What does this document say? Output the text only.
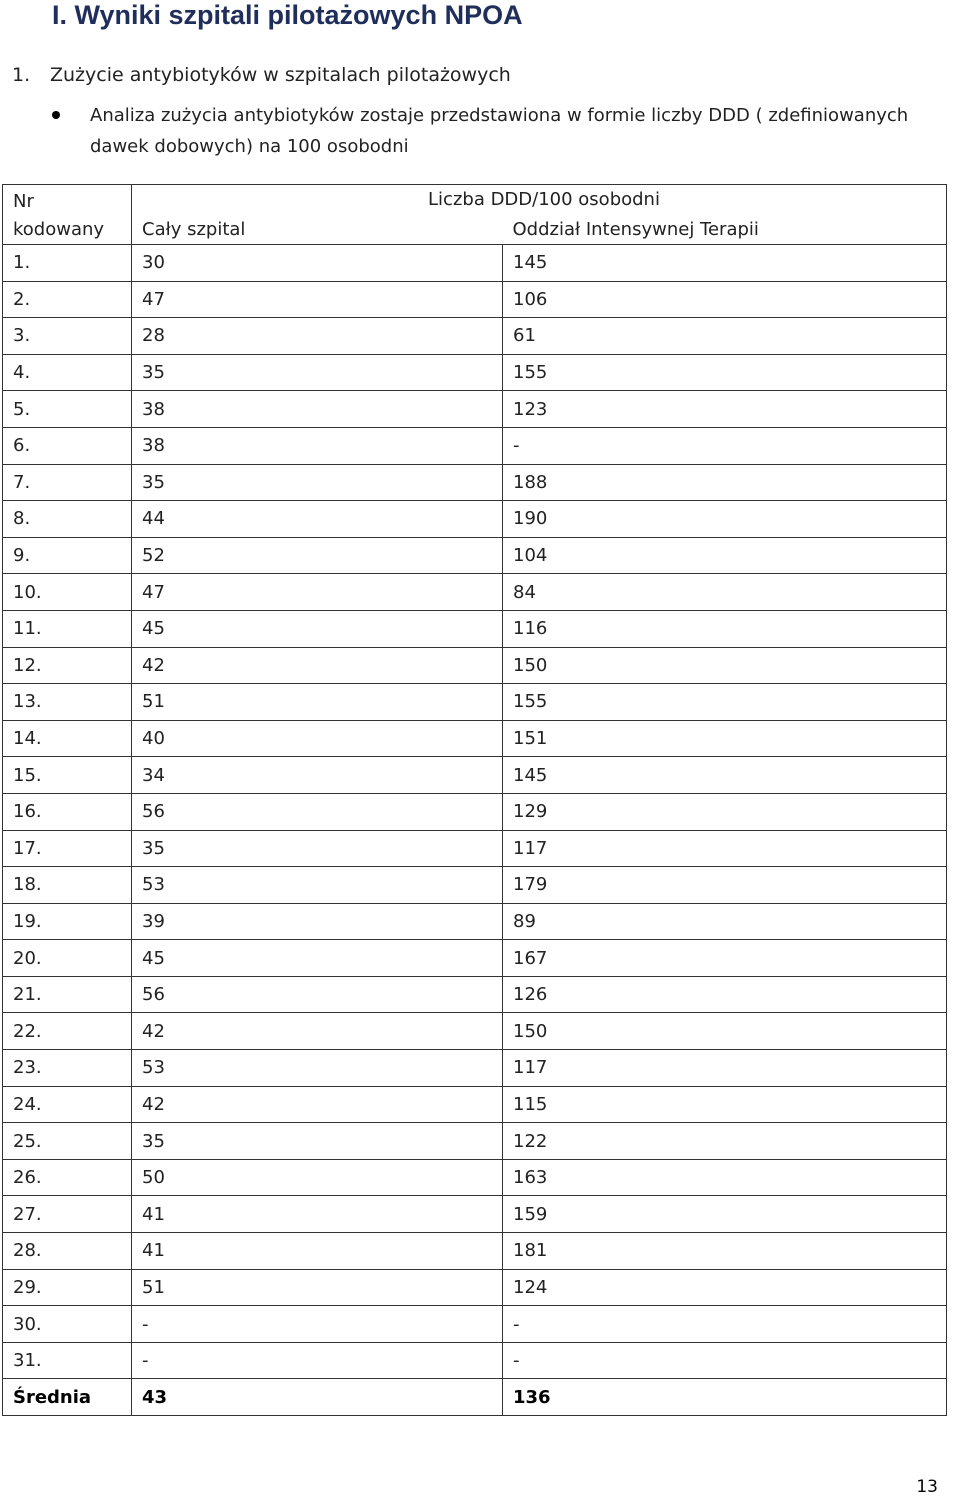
I. Wyniki szpitali pilotażowych NPOA
1. Zużycie antybiotyków w szpitalach pilotażowych
Analiza zużycia antybiotyków zostaje przedstawiona w formie liczby DDD ( zdefiniowanych dawek dobowych) na 100 osobodni
Nr
kodowany	Liczba DDD/100 osobodni	
	Cały szpital	Oddział Intensywnej Terapii
1.	30	145
2.	47	106
3.	28	61
4.	35	155
5.	38	123
6.	38	-
7.	35	188
8.	44	190
9.	52	104
10.	47	84
11.	45	116
12.	42	150
13.	51	155
14.	40	151
15.	34	145
16.	56	129
17.	35	117
18.	53	179
19.	39	89
20.	45	167
21.	56	126
22.	42	150
23.	53	117
24.	42	115
25.	35	122
26.	50	163
27.	41	159
28.	41	181
29.	51	124
30.	-	-
31.	-	-
Średnia	43	136
13
